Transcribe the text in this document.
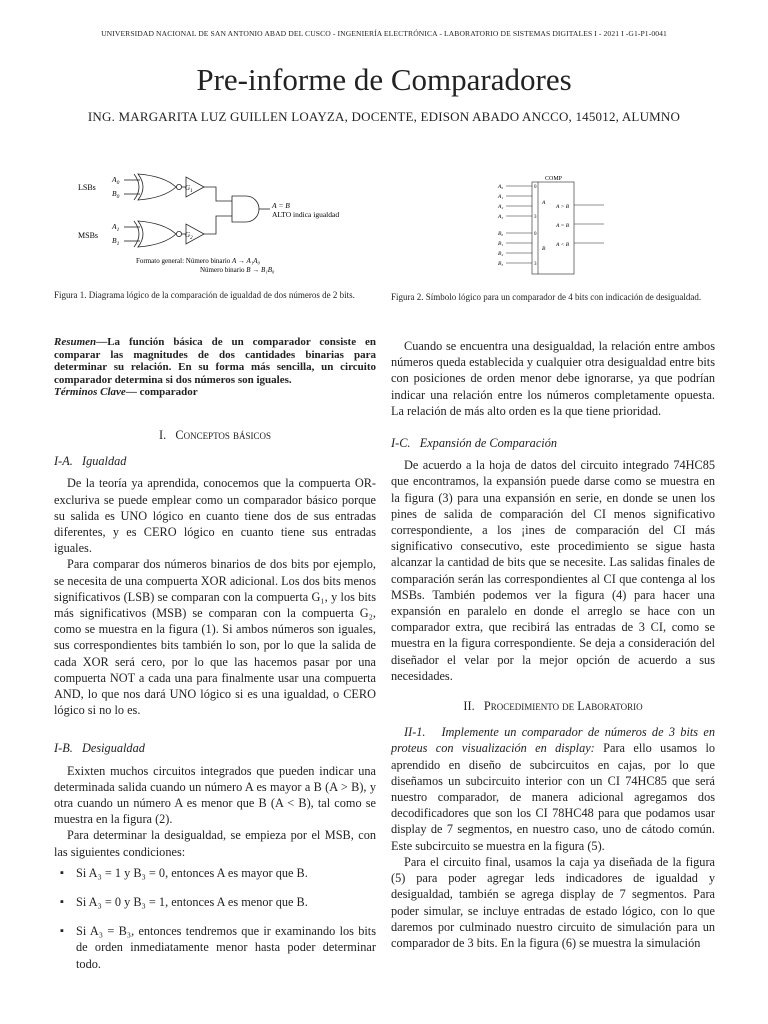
UNIVERSIDAD NACIONAL DE SAN ANTONIO ABAD DEL CUSCO - INGENIERÍA ELECTRÓNICA - LABORATORIO DE SISTEMAS DIGITALES I - 2021 I -G1-P1-0041
Pre-informe de Comparadores
ING. MARGARITA LUZ GUILLEN LOAYZA, DOCENTE, EDISON ABADO ANCCO, 145012, ALUMNO
LSBs
MSBs
$A_0$
$B_0$
$A_1$
$B_1$
$G_1$
$G_2$
A = B
ALTO indica igualdad
Formato general: Número binario A → A₁A₀
Número binario B → B₁B₀
Figura 1. Diagrama lógico de la comparación de igualdad de dos números de 2 bits.
COMP
A₀
A₁
A₂
A₃
B₀
B₁
B₂
B₃
0
3
0
3
A
B
A > B
A = B
A < B
Figura 2. Símbolo lógico para un comparador de 4 bits con indicación de desigualdad.

Resumen—La función básica de un comparador consiste en comparar las magnitudes de dos cantidades binarias para determinar su relación. En su forma más sencilla, un circuito comparador determina si dos números son iguales.
Términos Clave— comparador

I. Conceptos básicos

I-A. Igualdad

De la teoría ya aprendida, conocemos que la compuerta OR-excluriva se puede emplear como un comparador básico porque su salida es UNO lógico en cuanto tiene dos de sus entradas diferentes, y es CERO lógico en cuanto tiene sus entradas iguales.

Para comparar dos números binarios de dos bits por ejemplo, se necesita de una compuerta XOR adicional. Los dos bits menos significativos (LSB) se comparan con la compuerta G₁, y los bits más significativos (MSB) se comparan con la compuerta G₂, como se muestra en la figura (1). Si ambos números son iguales, sus correspondientes bits también lo son, por lo que la salida de cada XOR será cero, por lo que las hacemos pasar por una compuerta NOT a cada una para finalmente usar una compuerta AND, lo que nos dará UNO lógico si es una igualdad, o CERO lógico si no lo es.

I-B. Desigualdad

Exixten muchos circuitos integrados que pueden indicar una determinada salida cuando un número A es mayor a B (A > B), y otra cuando un número A es menor que B (A < B), tal como se muestra en la figura (2).

Para determinar la desigualdad, se empieza por el MSB, con las siguientes condiciones:

▪ Si A₃ = 1 y B₃ = 0, entonces A es mayor que B.
▪ Si A₃ = 0 y B₃ = 1, entonces A es menor que B.
▪ Si A₃ = B₃, entonces tendremos que ir examinando los bits de orden inmediatamente menor hasta poder determinar todo.

Cuando se encuentra una desigualdad, la relación entre ambos números queda establecida y cualquier otra desigualdad entre bits con posiciones de orden menor debe ignorarse, ya que podrían indicar una relación entre los números completamente opuesta. La relación de más alto orden es la que tiene prioridad.

I-C. Expansión de Comparación

De acuerdo a la hoja de datos del circuito integrado 74HC85 que encontramos, la expansión puede darse como se muestra en la figura (3) para una expansión en serie, en donde se unen los pines de salida de comparación del CI menos significativo correspondiente, a los ¡ines de comparación del CI más significativo consecutivo, este procedimiento se sigue hasta alcanzar la cantidad de bits que se necesite. Las salidas finales de comparación serán las correspondientes al CI que contenga al los MSBs. También podemos ver la figura (4) para hacer una expansión en paralelo en donde el arreglo se hace con un comparador extra, que recibirá las entradas de 3 CI, como se muestra en la figura correspondiente. Se deja a consideración del diseñador el velar por la mejor opción de acuerdo a sus necesidades.

II. Procedimiento de Laboratorio

II-1. Implemente un comparador de números de 3 bits en proteus con visualización en display: Para ello usamos lo aprendido en diseño de subcircuitos en cajas, por lo que diseñamos un subcircuito interior con un CI 74HC85 que será nuestro comparador, de manera adicional agregamos dos decodificadores que son los CI 78HC48 para que podamos usar display de 7 segmentos, en nuestro caso, uno de cátodo común. Este subcircuito se muestra en la figura (5).

Para el circuito final, usamos la caja ya diseñada de la figura (5) para poder agregar leds indicadores de igualdad y desigualdad, también se agrega display de 7 segmentos. Para poder simular, se incluye entradas de estado lógico, con lo que daremos por culminado nuestro circuito de simulación para un comparador de 3 bits. En la figura (6) se muestra la simulación
